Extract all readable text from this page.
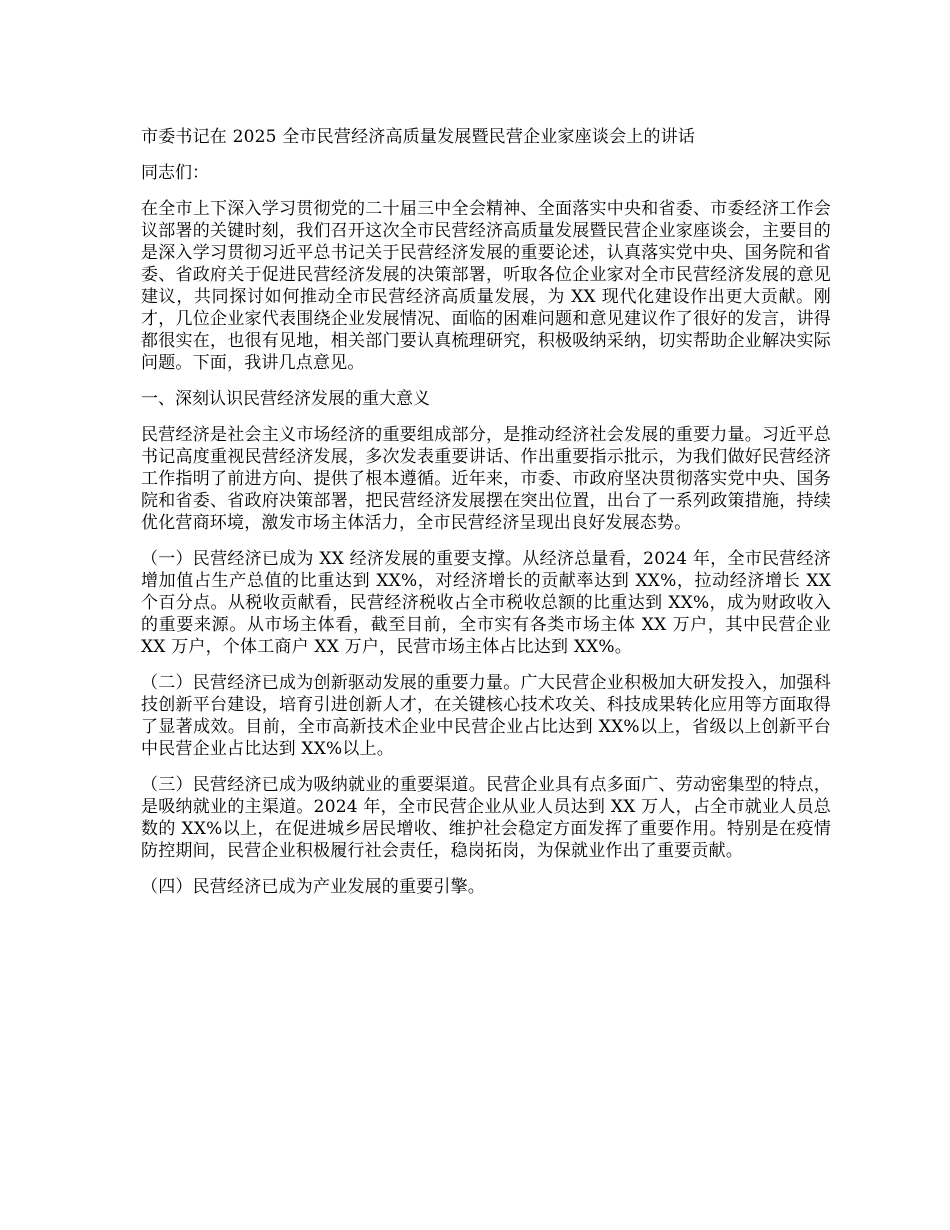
市委书记在 2025 全市民营经济高质量发展暨民营企业家座谈会上的讲话
同志们：
在全市上下深入学习贯彻党的二十届三中全会精神、全面落实中央和省委、市委经济工作会议部署的关键时刻，我们召开这次全市民营经济高质量发展暨民营企业家座谈会，主要目的是深入学习贯彻习近平总书记关于民营经济发展的重要论述，认真落实党中央、国务院和省委、省政府关于促进民营经济发展的决策部署，听取各位企业家对全市民营经济发展的意见建议，共同探讨如何推动全市民营经济高质量发展，为 XX 现代化建设作出更大贡献。刚才，几位企业家代表围绕企业发展情况、面临的困难问题和意见建议作了很好的发言，讲得都很实在，也很有见地，相关部门要认真梳理研究，积极吸纳采纳，切实帮助企业解决实际问题。下面，我讲几点意见。
一、深刻认识民营经济发展的重大意义
民营经济是社会主义市场经济的重要组成部分，是推动经济社会发展的重要力量。习近平总书记高度重视民营经济发展，多次发表重要讲话、作出重要指示批示，为我们做好民营经济工作指明了前进方向、提供了根本遵循。近年来，市委、市政府坚决贯彻落实党中央、国务院和省委、省政府决策部署，把民营经济发展摆在突出位置，出台了一系列政策措施，持续优化营商环境，激发市场主体活力，全市民营经济呈现出良好发展态势。
（一）民营经济已成为 XX 经济发展的重要支撑。从经济总量看，2024 年，全市民营经济增加值占生产总值的比重达到 XX%，对经济增长的贡献率达到 XX%，拉动经济增长 XX 个百分点。从税收贡献看，民营经济税收占全市税收总额的比重达到 XX%，成为财政收入的重要来源。从市场主体看，截至目前，全市实有各类市场主体 XX 万户，其中民营企业 XX 万户，个体工商户 XX 万户，民营市场主体占比达到 XX%。
（二）民营经济已成为创新驱动发展的重要力量。广大民营企业积极加大研发投入，加强科技创新平台建设，培育引进创新人才，在关键核心技术攻关、科技成果转化应用等方面取得了显著成效。目前，全市高新技术企业中民营企业占比达到 XX%以上，省级以上创新平台中民营企业占比达到 XX%以上。
（三）民营经济已成为吸纳就业的重要渠道。民营企业具有点多面广、劳动密集型的特点，是吸纳就业的主渠道。2024 年，全市民营企业从业人员达到 XX 万人，占全市就业人员总数的 XX%以上，在促进城乡居民增收、维护社会稳定方面发挥了重要作用。特别是在疫情防控期间，民营企业积极履行社会责任，稳岗拓岗，为保就业作出了重要贡献。
（四）民营经济已成为产业发展的重要引擎。
